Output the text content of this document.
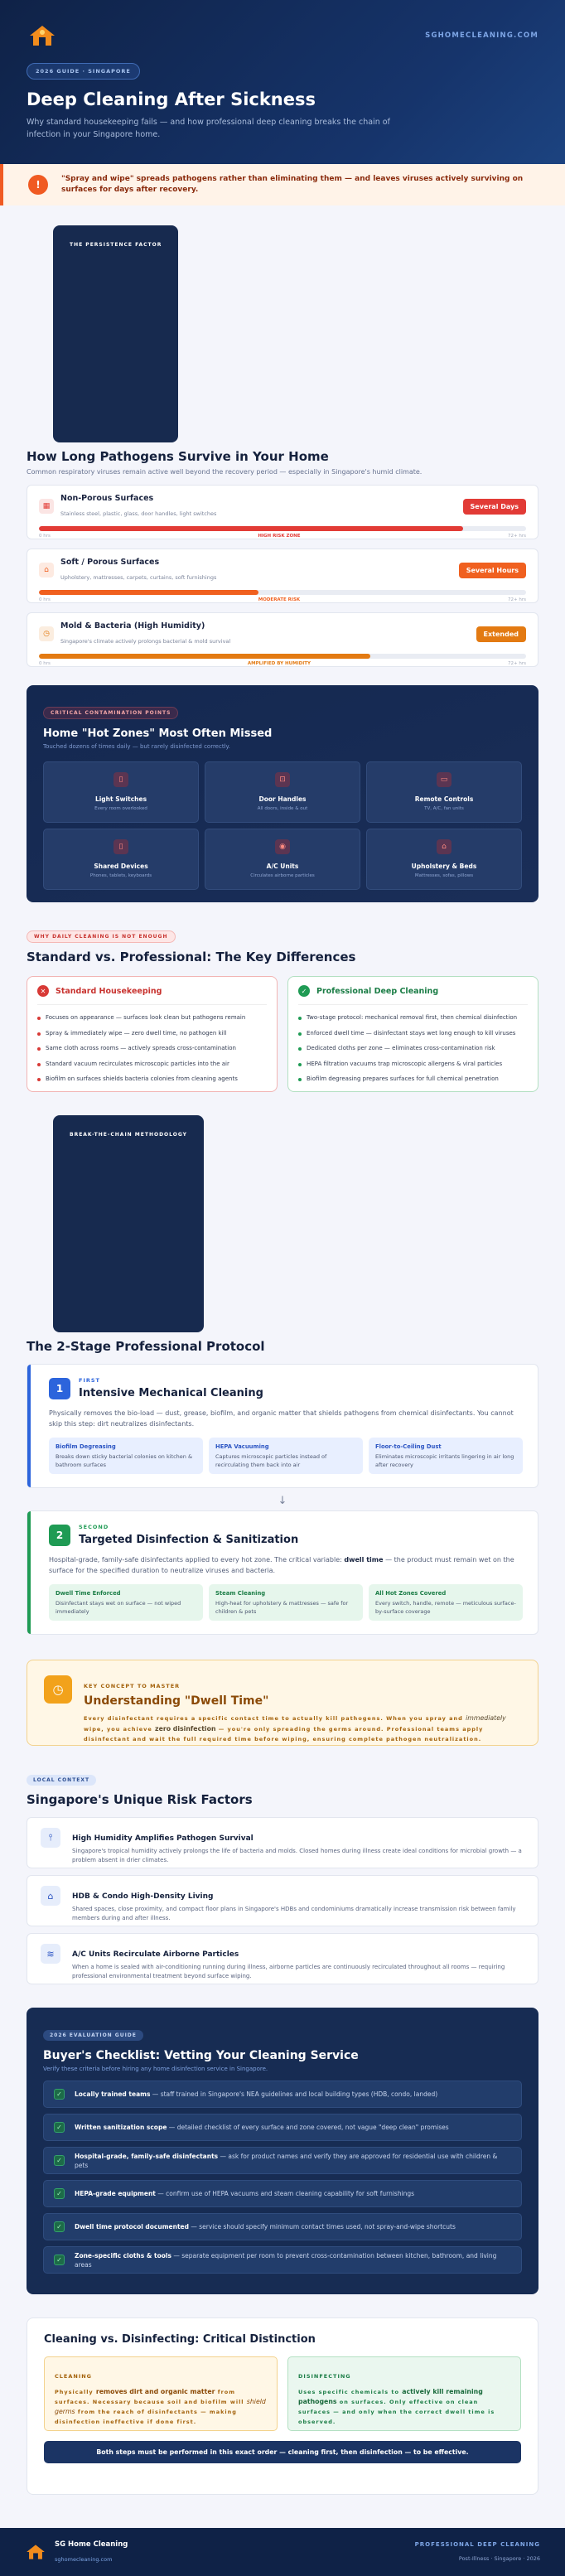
SGHOMECLEANING.COM
2026 GUIDE · SINGAPORE
Deep Cleaning After Sickness

Why standard housekeeping fails — and how professional deep cleaning breaks the chain of infection in your Singapore home.

!	"Spray and wipe" spreads pathogens rather than eliminating them — and leaves viruses actively surviving on surfaces for days after recovery.

THE PERSISTENCE FACTOR
How Long Pathogens Survive in Your Home
Common respiratory viruses remain active well beyond the recovery period — especially in Singapore's humid climate.
▦
Non-Porous Surfaces
Stainless steel, plastic, glass, door handles, light switches
Several Days
0 hrs	HIGH RISK ZONE	72+ hrs
⌂
Soft / Porous Surfaces
Upholstery, mattresses, carpets, curtains, soft furnishings
Several Hours
0 hrs	MODERATE RISK	72+ hrs
◷
Mold & Bacteria (High Humidity)
Singapore's climate actively prolongs bacterial & mold survival
Extended
0 hrs	AMPLIFIED BY HUMIDITY	72+ hrs
CRITICAL CONTAMINATION POINTS
Home "Hot Zones" Most Often Missed
Touched dozens of times daily — but rarely disinfected correctly.
▯
Light Switches
Every room overlooked
⊡
Door Handles
All doors, inside & out
▭
Remote Controls
TV, A/C, fan units
▯
Shared Devices
Phones, tablets, keyboards
◉
A/C Units
Circulates airborne particles
⌂
Upholstery & Beds
Mattresses, sofas, pillows
WHY DAILY CLEANING IS NOT ENOUGH
Standard vs. Professional: The Key Differences
✕	Standard Housekeeping
Focuses on appearance — surfaces look clean but pathogens remain
Spray & immediately wipe — zero dwell time, no pathogen kill
Same cloth across rooms — actively spreads cross-contamination
Standard vacuum recirculates microscopic particles into the air
Biofilm on surfaces shields bacteria colonies from cleaning agents
✓	Professional Deep Cleaning
Two-stage protocol: mechanical removal first, then chemical disinfection
Enforced dwell time — disinfectant stays wet long enough to kill viruses
Dedicated cloths per zone — eliminates cross-contamination risk
HEPA filtration vacuums trap microscopic allergens & viral particles
Biofilm degreasing prepares surfaces for full chemical penetration
BREAK-THE-CHAIN METHODOLOGY
The 2-Stage Professional Protocol
1
FIRST
Intensive Mechanical Cleaning
Physically removes the bio-load — dust, grease, biofilm, and organic matter that shields pathogens from chemical disinfectants. You cannot skip this step: dirt neutralizes disinfectants.
Biofilm Degreasing
Breaks down sticky bacterial colonies on kitchen & bathroom surfaces
HEPA Vacuuming
Captures microscopic particles instead of recirculating them back into air
Floor-to-Ceiling Dust
Eliminates microscopic irritants lingering in air long after recovery
↓
2
SECOND
Targeted Disinfection & Sanitization
Hospital-grade, family-safe disinfectants applied to every hot zone. The critical variable: dwell time — the product must remain wet on the surface for the specified duration to neutralize viruses and bacteria.
Dwell Time Enforced
Disinfectant stays wet on surface — not wiped immediately
Steam Cleaning
High-heat for upholstery & mattresses — safe for children & pets
All Hot Zones Covered
Every switch, handle, remote — meticulous surface-by-surface coverage
◷	KEY CONCEPT TO MASTER
Understanding "Dwell Time"

Every disinfectant requires a specific contact time to actually kill pathogens. When you spray and immediately wipe, you achieve zero disinfection — you're only spreading the germs around. Professional teams apply disinfectant and wait the full required time before wiping, ensuring complete pathogen neutralization.

LOCAL CONTEXT
Singapore's Unique Risk Factors
⫯	High Humidity Amplifies Pathogen Survival

Singapore's tropical humidity actively prolongs the life of bacteria and molds. Closed homes during illness create ideal conditions for microbial growth — a problem absent in drier climates.

⌂	HDB & Condo High-Density Living

Shared spaces, close proximity, and compact floor plans in Singapore's HDBs and condominiums dramatically increase transmission risk between family members during and after illness.

≋	A/C Units Recirculate Airborne Particles

When a home is sealed with air-conditioning running during illness, airborne particles are continuously recirculated throughout all rooms — requiring professional environmental treatment beyond surface wiping.

2026 EVALUATION GUIDE
Buyer's Checklist: Vetting Your Cleaning Service
Verify these criteria before hiring any home disinfection service in Singapore.
✓	Locally trained teams — staff trained in Singapore's NEA guidelines and local building types (HDB, condo, landed)

✓	Written sanitization scope — detailed checklist of every surface and zone covered, not vague "deep clean" promises

✓

Hospital-grade, family-safe disinfectants — ask for product names and verify they are approved for residential use with children & pets

✓	HEPA-grade equipment — confirm use of HEPA vacuums and steam cleaning capability for soft furnishings

✓	Dwell time protocol documented — service should specify minimum contact times used, not spray-and-wipe shortcuts

✓

Zone-specific cloths & tools — separate equipment per room to prevent cross-contamination between kitchen, bathroom, and living areas

Cleaning vs. Disinfecting: Critical Distinction
CLEANING

Physically removes dirt and organic matter from surfaces. Necessary because soil and biofilm will shield germs from the reach of disinfectants — making disinfection ineffective if done first.

DISINFECTING

Uses specific chemicals to actively kill remaining pathogens on surfaces. Only effective on clean surfaces — and only when the correct dwell time is observed.

Both steps must be performed in this exact order — cleaning first, then disinfection — to be effective.
SG Home Cleaning
sghomecleaning.com
PROFESSIONAL DEEP CLEANING
Post-Illness · Singapore · 2026
